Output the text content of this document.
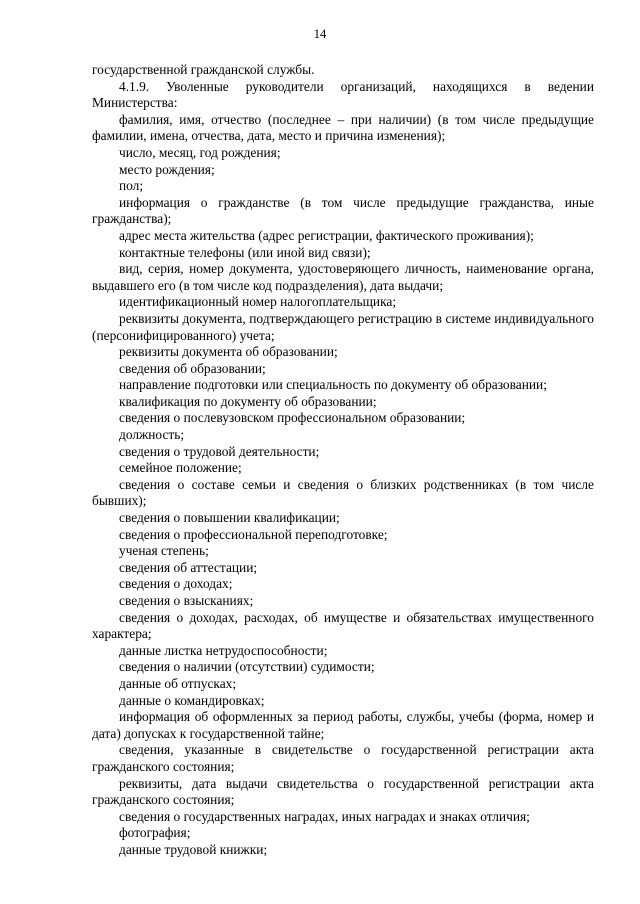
14

государственной гражданской службы.

4.1.9. Уволенные руководители организаций, находящихся в ведении Министерства:

фамилия, имя, отчество (последнее – при наличии) (в том числе предыдущие фамилии, имена, отчества, дата, место и причина изменения);

число, месяц, год рождения;

место рождения;

пол;

информация о гражданстве (в том числе предыдущие гражданства, иные гражданства);

адрес места жительства (адрес регистрации, фактического проживания);

контактные телефоны (или иной вид связи);

вид, серия, номер документа, удостоверяющего личность, наименование органа, выдавшего его (в том числе код подразделения), дата выдачи;

идентификационный номер налогоплательщика;

реквизиты документа, подтверждающего регистрацию в системе индивидуального (персонифицированного) учета;

реквизиты документа об образовании;

сведения об образовании;

направление подготовки или специальность по документу об образовании;

квалификация по документу об образовании;

сведения о послевузовском профессиональном образовании;

должность;

сведения о трудовой деятельности;

семейное положение;

сведения о составе семьи и сведения о близких родственниках (в том числе бывших);

сведения о повышении квалификации;

сведения о профессиональной переподготовке;

ученая степень;

сведения об аттестации;

сведения о доходах;

сведения о взысканиях;

сведения о доходах, расходах, об имуществе и обязательствах имущественного характера;

данные листка нетрудоспособности;

сведения о наличии (отсутствии) судимости;

данные об отпусках;

данные о командировках;

информация об оформленных за период работы, службы, учебы (форма, номер и дата) допусках к государственной тайне;

сведения, указанные в свидетельстве о государственной регистрации акта гражданского состояния;

реквизиты, дата выдачи свидетельства о государственной регистрации акта гражданского состояния;

сведения о государственных наградах, иных наградах и знаках отличия;

фотография;

данные трудовой книжки;
